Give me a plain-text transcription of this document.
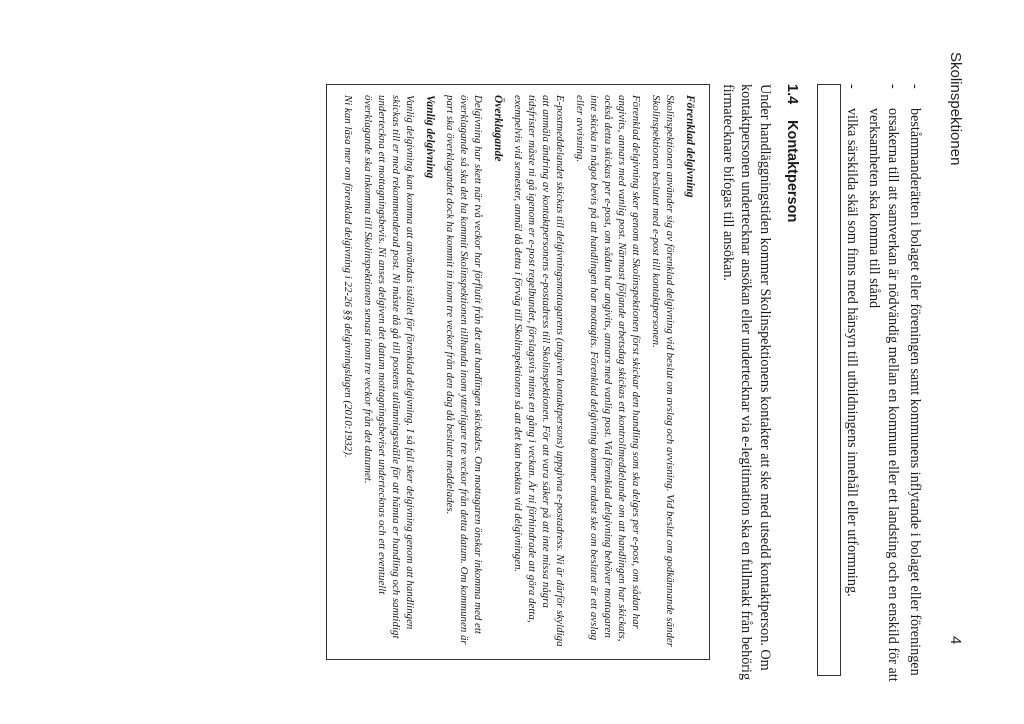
Skolinspektionen
4
-
beståmmanderätten i bolaget eller föreningen samt kommunens inflytande i bolaget eller föreningen
-
orsakerna till att samverkan är nödvändig mellan en kommun eller ett landsting och en enskild för att verksamheten ska komma till stånd
-
vilka särskilda skäl som finns med hänsyn till utbildningens innehåll eller utformning.
1.4Kontaktperson

Under handläggningstiden kommer Skolinspektionens kontakter att ske med utsedd kontaktperson. Om kontaktpersonen undertecknar ansökan eller undertecknar via e-legitimation ska en fullmakt från behörig firmatecknare bifogas till ansökan.

Förenklad delgivning

Skolinspektionen använder sig av förenklad delgivning vid beslut om avslag och avvisning. Vid beslut om godkännande sänder Skolinspektionen beslutet med e-post till kontaktpersonen.

Förenklad delgivning sker genom att Skolinspektionen först skickar den handling som ska delges per e-post, om sådan har angivits, annars med vanlig post. Närmast följande arbetsdag skickas ett kontrollmeddelande om att handlingen har skickats, också detta skickas per e-post, om sådan har angivits, annars med vanlig post. Vid förenklad delgivning behöver mottagaren inte skicka in något bevis på att handlingen har mottagits. Förenklad delgivning kommer endast ske om beslutet är ett avslag eller avvisning.

E-postmeddelandet skickas till delgivningsmottagarens (angiven kontaktpersons) uppgivna e-postadress. Ni är därför skyldiga att anmäla ändring av kontaktpersonens e-postadress till Skolinspektionen. För att vara säker på att inte missa några tidsfrister måste ni gå igenom er e-post regelbundet, förslagsvis minst en gång i veckan. Är ni förhindrade att göra detta, exempelvis vid semester, anmäl då detta i förväg till Skolinspektionen så att det kan beaktas vid delgivningen.

Överklagande

Delgivning har skett när två veckor har förflutit från det att handlingen skickades. Om mottagaren önskar inkomma med ett överklagande så ska det ha kommit Skolinspektionen tillhanda inom ytterligare tre veckor från detta datum. Om kommunen är part ska överklagandet dock ha kommit in inom tre veckor från den dag då beslutet meddelades.

Vanlig delgivning

Vanlig delgivning kan komma att användas istället för förenklad delgivning. I så fall sker delgivning genom att handlingen skickas till er med rekommenderad post. Ni måste då gå till postens utlämningsställe för att hämta er handling och samtidigt underteckna ett mottagningsbevis. Ni anses delgiven det datum mottagningsbeviset undertecknas och ett eventuellt överklagande ska inkomma till Skolinspektionen senast inom tre veckor från det datumet.

Ni kan läsa mer om förenklad delgivning i 22-26 §§ delgivningslagen (2010:1932).
